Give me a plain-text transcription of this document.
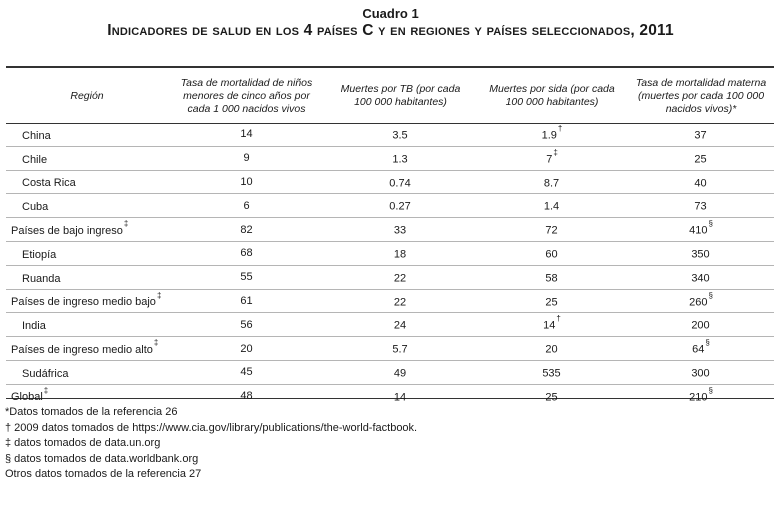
Cuadro 1
Indicadores de salud en los 4 países C y en regiones y países seleccionados, 2011
Región	Tasa de mortalidad de niños menores de cinco años por cada 1 000 nacidos vivos	Muertes por TB (por cada 100 000 habitantes)	Muertes por sida (por cada 100 000 habitantes)	Tasa de mortalidad materna (muertes por cada 100 000 nacidos vivos)*
China	14	3.5	1.9†	37
Chile	9	1.3	7‡	25
Costa Rica	10	0.74	8.7	40
Cuba	6	0.27	1.4	73
Países de bajo ingreso‡	82	33	72	410§
Etiopía	68	18	60	350
Ruanda	55	22	58	340
Países de ingreso medio bajo‡	61	22	25	260§
India	56	24	14†	200
Países de ingreso medio alto‡	20	5.7	20	64§
Sudáfrica	45	49	535	300
Global‡	48	14	25	210§
*Datos tomados de la referencia 26
† 2009 datos tomados de https://www.cia.gov/library/publications/the-world-factbook.
‡ datos tomados de data.un.org
§ datos tomados de data.worldbank.org
Otros datos tomados de la referencia 27
